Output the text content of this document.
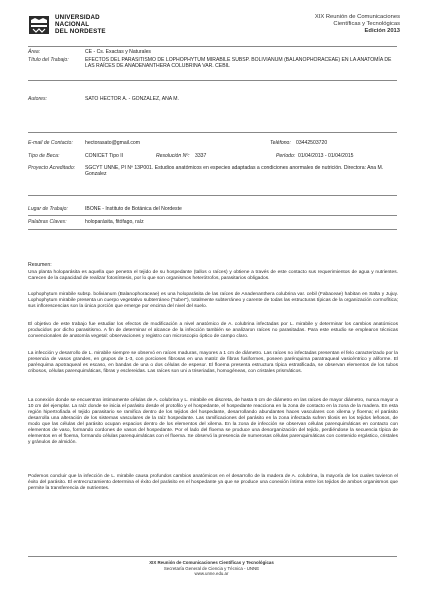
UNIVERSIDAD
NACIONAL
DEL NORDESTE
XIX Reunión de Comunicaciones
Científicas y Tecnológicas
Edición 2013
Área:	CE - Cs. Exactas y Naturales
Título del Trabajo:	EFECTOS DEL PARASITISMO DE LOPHOPHYTUM MIRABILE SUBSP. BOLIVIANUM (BALANOPHORACEAE) EN LA ANATOMÍA DE LAS RAÍCES DE ANADENANTHERA COLUBRINA VAR. CEBIL
Autores:	SATO HECTOR A. - GONZALEZ, ANA M.
E-mail de Contacto: hectorasato@gmail.com	Teléfono: 03442503720
Tipo de Beca:	CONICET Tipo II	Resolución Nº: 3337	Período: 01/04/2013 - 01/04/2015
Proyecto Acreditado: SGCYT UNNE, PI Nº 13P001. Estudios anatómicos en especies adaptadas a condiciones anormales de nutrición. Directora: Ana M. Gonzalez
Lugar de Trabajo:	IBONE - Instituto de Botánica del Nordeste
Palabras Claves:	holoparásita, fitófago, raíz
Resumen:

Una planta holoparásita es aquella que penetra el tejido de su hospedante (tallos o raíces) y obtiene a través de este contacto sus requerimientos de agua y nutrientes. Carecen de la capacidad de realizar fotosíntesis, por lo que son organismos heterótrofos, parasitarios obligados.

Lophophytum mirabile subsp. bolivianum (Balanophoraceae) es una holoparásita de las raíces de Anadenanthera colubrina var. cebil (Fabaceae) habitan en Salta y Jujuy. Lophophytum mirabile presenta un cuerpo vegetativo subterráneo ("tuber"), totalmente subterráneo y carente de todas las estructuras típicas de la organización cormofítica; sus inflorescencias son la única porción que emerge por encima del nivel del suelo.

El objetivo de este trabajo fue estudiar los efectos de modificación a nivel anatómico de A. colubrina infectadas por L. mirabile y determinar los cambios anatómicos producidos por dicho parasitismo. A fin de determinar el alcance de la infección también se analizaron raíces no parasitadas. Para este estudio se emplearon técnicas convencionales de anatomía vegetal: observaciones y registro con microscopio óptico de campo claro.

La infección y desarrollo de L. mirabile siempre se observó en raíces maduras, mayores a 1 cm de diámetro. Las raíces no infectadas presentan el felo caracterizado por la presencia de vasos grandes, en grupos de 1-3, con porciones fibrosas en una matriz de fibras fusiformes, poseen parénquima paratraqueal vasicéntrico y aliforme. El parénquima apotraqueal es escaso, en bandas de una o dos células de espesor. El floema presenta estructura típica estratificada, se observan elementos de los tubos cribosos, células parenquimáticas, fibras y esclereidas. Las raíces son uni a triseriadas, homogéneas, con cristales prismáticos.

La conexión donde se encuentran intimamente células de A. colubrina y L. mirabile es discreta, de hasta 5 cm de diámetro en las raíces de mayor diámetro, nunca mayor a 10 cm del ejemplar. La raíz donde se inicia el parásito desde el protofilo y el hospedante, el hospedante reacciona en la zona de contacto en la zona de la madera. En esta región hipertrofiada el tejido parasitario se ramifica dentro de los tejidos del hospedante, desarrollando abundantes haces vasculares con xilema y floema; el parásito desarrolla una alteración de los sistemas vasculares de la raíz hospedante. Las ramificaciones del parásito en la zona infectada sufren tilosis en los tejidos leñosos, de modo que las células del parásito ocupan espacios dentro de los elementos del xilema. En la zona de infección se observan células parenquimáticas en contacto con elementos de vaso, formando cordones de vasos del hospedante. Por el lado del floema se produce una desorganización del tejido, perdiéndose la secuencia típica de elementos en el floema, formando células parenquimáticas con el floema. Se observó la presencia de numerosas células parenquimáticas con contenido ergástico, cristales y gránulos de almidón.

Podemos concluir que la infección de L. mirabile causa profundos cambios anatómicos en el desarrollo de la madera de A. colubrina, la mayoría de los cuales tuvieron el éxito del parásito. El entrecruzamiento determina el éxito del parásito en el hospedante ya que se produce una conexión íntima entre los tejidos de ambos organismos que permite la transferencia de nutrientes.

XIX Reunión de Comunicaciones Científicas y Tecnológicas
Secretaría General de Ciencia y Técnica - UNNE
www.unne.edu.ar
